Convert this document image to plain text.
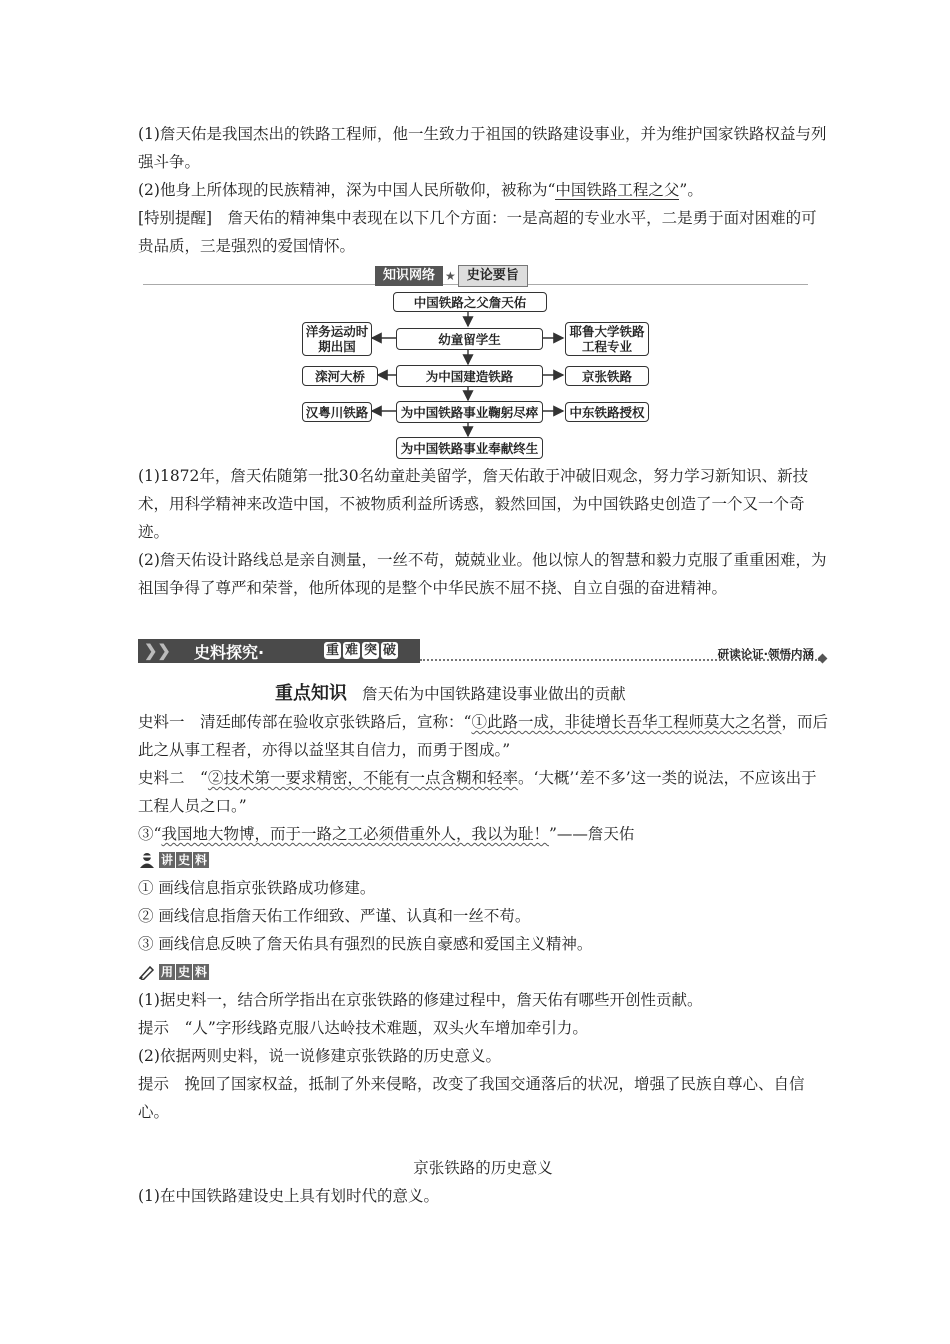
(1)詹天佑是我国杰出的铁路工程师，他一生致力于祖国的铁路建设事业，并为维护国家铁路权益与列强斗争。
(2)他身上所体现的民族精神，深为中国人民所敬仰，被称为“中国铁路工程之父”。
[特别提醒]　詹天佑的精神集中表现在以下几个方面：一是高超的专业水平，二是勇于面对困难的可贵品质，三是强烈的爱国情怀。
知识网络 ★ 史论要旨
中国铁路之父詹天佑
幼童留学生
为中国建造铁路
为中国铁路事业鞠躬尽瘁
为中国铁路事业奉献终生
洋务运动时期出国
滦河大桥
汉粤川铁路
耶鲁大学铁路工程专业
京张铁路
中东铁路授权
(1)1872年，詹天佑随第一批30名幼童赴美留学，詹天佑敢于冲破旧观念，努力学习新知识、新技术，用科学精神来改造中国，不被物质利益所诱惑，毅然回国，为中国铁路史创造了一个又一个奇迹。
(2)詹天佑设计路线总是亲自测量，一丝不苟，兢兢业业。他以惊人的智慧和毅力克服了重重困难，为祖国争得了尊严和荣誉，他所体现的是整个中华民族不屈不挠、自立自强的奋进精神。
❯❯ 史料探究·	重 难 突 破	研读论证·领悟内涵
重点知识 詹天佑为中国铁路建设事业做出的贡献
史料一　清廷邮传部在验收京张铁路后，宣称：“①此路一成，非徒增长吾华工程师莫大之名誉，而后此之从事工程者，亦得以益坚其自信力，而勇于图成。”
史料二　“②技术第一要求精密，不能有一点含糊和轻率。‘大概’‘差不多’这一类的说法，不应该出于工程人员之口。”
③“我国地大物博，而于一路之工必须借重外人，我以为耻！”——詹天佑
讲 史 料
① 画线信息指京张铁路成功修建。
② 画线信息指詹天佑工作细致、严谨、认真和一丝不苟。
③ 画线信息反映了詹天佑具有强烈的民族自豪感和爱国主义精神。
用 史 料
(1)据史料一，结合所学指出在京张铁路的修建过程中，詹天佑有哪些开创性贡献。
提示　“人”字形线路克服八达岭技术难题，双头火车增加牵引力。
(2)依据两则史料，说一说修建京张铁路的历史意义。
提示　挽回了国家权益，抵制了外来侵略，改变了我国交通落后的状况，增强了民族自尊心、自信心。
京张铁路的历史意义
(1)在中国铁路建设史上具有划时代的意义。
